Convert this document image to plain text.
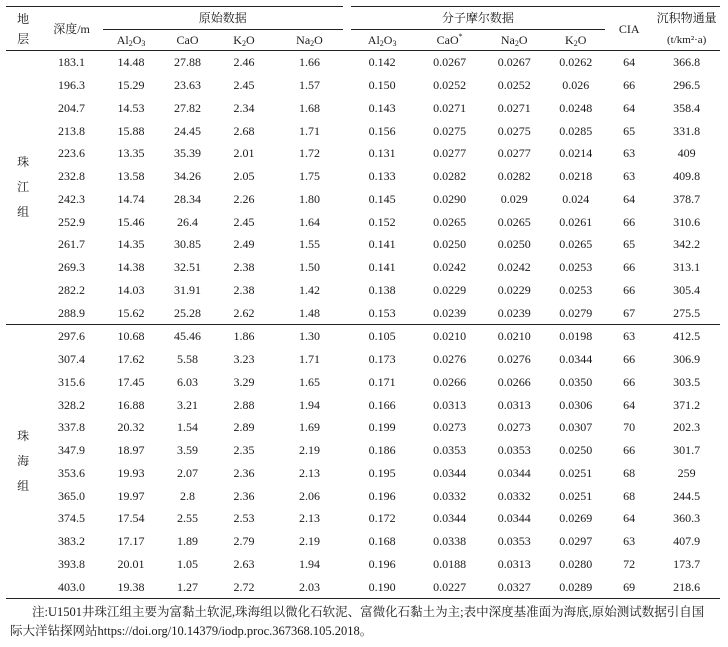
地层	深度/m	原始数据				分子摩尔数据				CIA	沉积物通量
		$Al_2O_3$	CaO	$K_2O$	$Na_2O$	$Al_2O_3$	CaO*	$Na_2O$	$K_2O$		(t/km²·a)
珠江组	183.1	14.48	27.88	2.46	1.66	0.142	0.0267	0.0267	0.0262	64	366.8
	196.3	15.29	23.63	2.45	1.57	0.150	0.0252	0.0252	0.026	66	296.5
	204.7	14.53	27.82	2.34	1.68	0.143	0.0271	0.0271	0.0248	64	358.4
	213.8	15.88	24.45	2.68	1.71	0.156	0.0275	0.0275	0.0285	65	331.8
	223.6	13.35	35.39	2.01	1.72	0.131	0.0277	0.0277	0.0214	63	409
	232.8	13.58	34.26	2.05	1.75	0.133	0.0282	0.0282	0.0218	63	409.8
	242.3	14.74	28.34	2.26	1.80	0.145	0.0290	0.029	0.024	64	378.7
	252.9	15.46	26.4	2.45	1.64	0.152	0.0265	0.0265	0.0261	66	310.6
	261.7	14.35	30.85	2.49	1.55	0.141	0.0250	0.0250	0.0265	65	342.2
	269.3	14.38	32.51	2.38	1.50	0.141	0.0242	0.0242	0.0253	66	313.1
	282.2	14.03	31.91	2.38	1.42	0.138	0.0229	0.0229	0.0253	66	305.4
	288.9	15.62	25.28	2.62	1.48	0.153	0.0239	0.0239	0.0279	67	275.5
珠海组	297.6	10.68	45.46	1.86	1.30	0.105	0.0210	0.0210	0.0198	63	412.5
	307.4	17.62	5.58	3.23	1.71	0.173	0.0276	0.0276	0.0344	66	306.9
	315.6	17.45	6.03	3.29	1.65	0.171	0.0266	0.0266	0.0350	66	303.5
	328.2	16.88	3.21	2.88	1.94	0.166	0.0313	0.0313	0.0306	64	371.2
	337.8	20.32	1.54	2.89	1.69	0.199	0.0273	0.0273	0.0307	70	202.3
	347.9	18.97	3.59	2.35	2.19	0.186	0.0353	0.0353	0.0250	66	301.7
	353.6	19.93	2.07	2.36	2.13	0.195	0.0344	0.0344	0.0251	68	259
	365.0	19.97	2.8	2.36	2.06	0.196	0.0332	0.0332	0.0251	68	244.5
	374.5	17.54	2.55	2.53	2.13	0.172	0.0344	0.0344	0.0269	64	360.3
	383.2	17.17	1.89	2.79	2.19	0.168	0.0338	0.0353	0.0297	63	407.9
	393.8	20.01	1.05	2.63	1.94	0.196	0.0188	0.0313	0.0280	72	173.7
	403.0	19.38	1.27	2.72	2.03	0.190	0.0227	0.0327	0.0289	69	218.6

注:U1501井珠江组主要为富黏土软泥,珠海组以微化石软泥、富微化石黏土为主;表中深度基准面为海底,原始测试数据引自国际大洋钻探网站https://doi.org/10.14379/iodp.proc.367368.105.2018。
